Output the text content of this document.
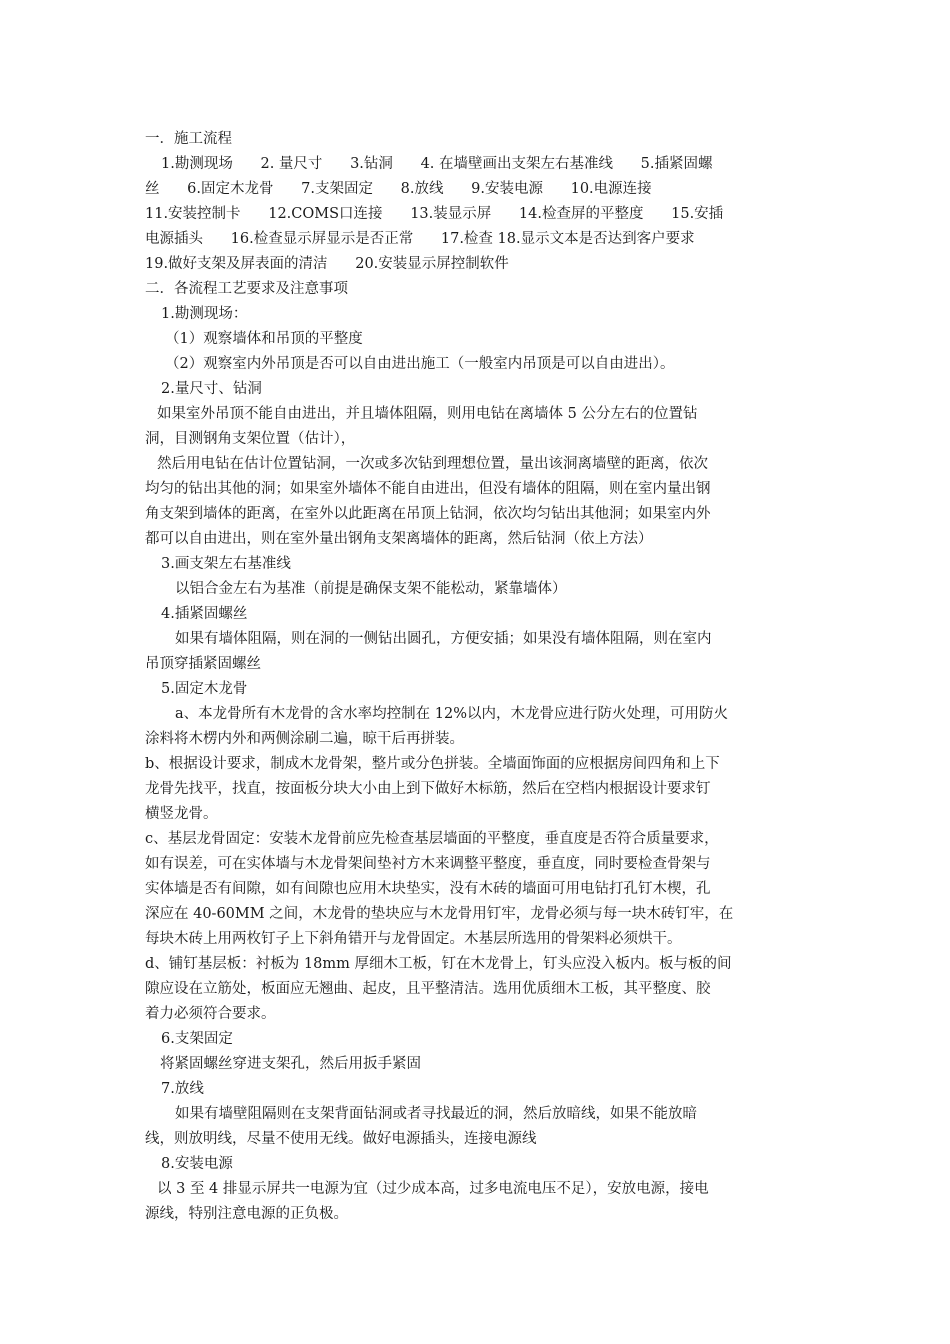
一．施工流程
1.勘测现场      2. 量尺寸      3.钻洞      4. 在墙壁画出支架左右基准线      5.插紧固螺
丝      6.固定木龙骨      7.支架固定      8.放线      9.安装电源      10.电源连接
11.安装控制卡      12.COMS口连接      13.装显示屏      14.检查屏的平整度      15.安插
电源插头      16.检查显示屏显示是否正常      17.检查 18.显示文本是否达到客户要求
19.做好支架及屏表面的清洁      20.安装显示屏控制软件
二．各流程工艺要求及注意事项
1.勘测现场：
（1）观察墙体和吊顶的平整度
（2）观察室内外吊顶是否可以自由进出施工（一般室内吊顶是可以自由进出）。
2.量尺寸、钻洞
如果室外吊顶不能自由进出，并且墙体阻隔，则用电钻在离墙体 5 公分左右的位置钻
洞，目测钢角支架位置（估计），
然后用电钻在估计位置钻洞，一次或多次钻到理想位置，量出该洞离墙壁的距离，依次
均匀的钻出其他的洞；如果室外墙体不能自由进出，但没有墙体的阻隔，则在室内量出钢
角支架到墙体的距离，在室外以此距离在吊顶上钻洞，依次均匀钻出其他洞；如果室内外
都可以自由进出，则在室外量出钢角支架离墙体的距离，然后钻洞（依上方法）
3.画支架左右基准线
以铝合金左右为基准（前提是确保支架不能松动，紧靠墙体）
4.插紧固螺丝
如果有墙体阻隔，则在洞的一侧钻出圆孔，方便安插；如果没有墙体阻隔，则在室内
吊顶穿插紧固螺丝
5.固定木龙骨
a、本龙骨所有木龙骨的含水率均控制在 12%以内，木龙骨应进行防火处理，可用防火
涂料将木楞内外和两侧涂刷二遍，晾干后再拼装。
b、根据设计要求，制成木龙骨架，整片或分色拼装。全墙面饰面的应根据房间四角和上下
龙骨先找平，找直，按面板分块大小由上到下做好木标筋，然后在空档内根据设计要求钉
横竖龙骨。
c、基层龙骨固定：安装木龙骨前应先检查基层墙面的平整度，垂直度是否符合质量要求，
如有误差，可在实体墙与木龙骨架间垫衬方木来调整平整度，垂直度，同时要检查骨架与
实体墙是否有间隙，如有间隙也应用木块垫实，没有木砖的墙面可用电钻打孔钉木楔，孔
深应在 40-60MM 之间，木龙骨的垫块应与木龙骨用钉牢，龙骨必须与每一块木砖钉牢，在
每块木砖上用两枚钉子上下斜角错开与龙骨固定。木基层所选用的骨架料必须烘干。
d、铺钉基层板：衬板为 18mm 厚细木工板，钉在木龙骨上，钉头应没入板内。板与板的间
隙应设在立筋处，板面应无翘曲、起皮，且平整清洁。选用优质细木工板，其平整度、胶
着力必须符合要求。
6.支架固定
将紧固螺丝穿进支架孔，然后用扳手紧固
7.放线
如果有墙壁阻隔则在支架背面钻洞或者寻找最近的洞，然后放暗线，如果不能放暗
线，则放明线，尽量不使用无线。做好电源插头，连接电源线
8.安装电源
以 3 至 4 排显示屏共一电源为宜（过少成本高，过多电流电压不足），安放电源，接电
源线，特别注意电源的正负极。
